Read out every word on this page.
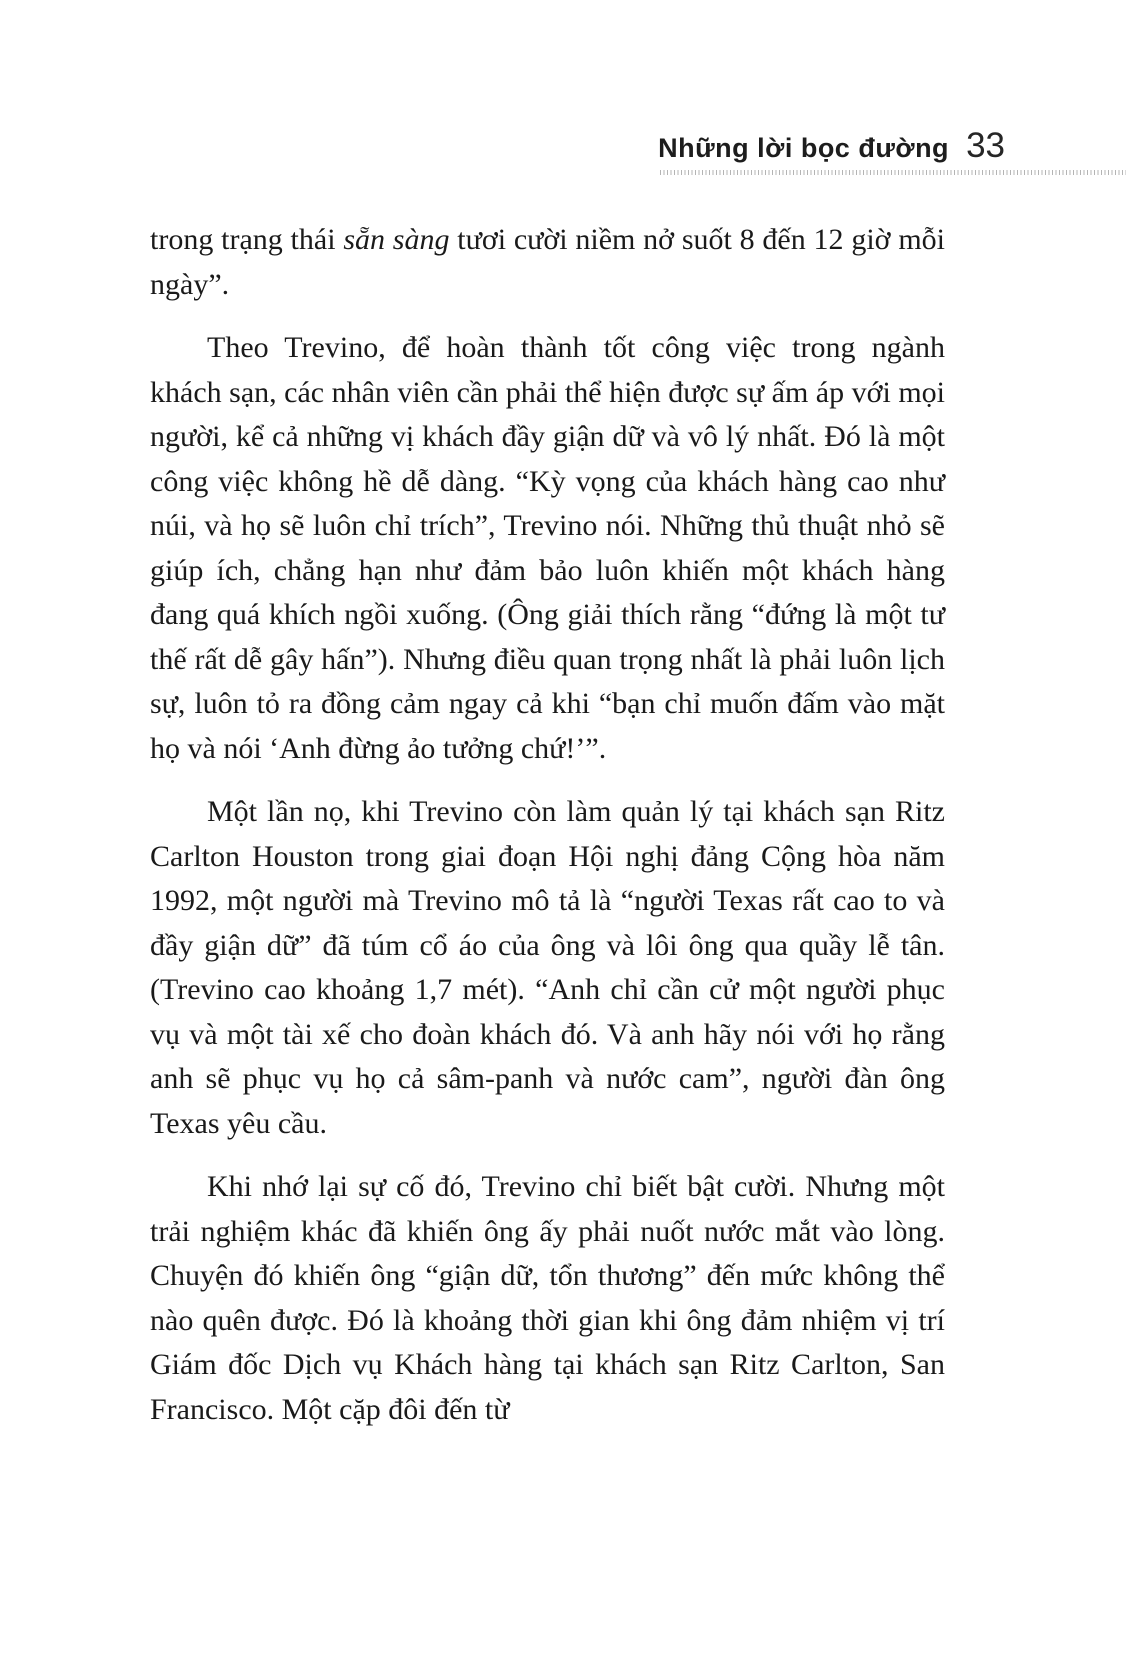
Những lời bọc đường 33

trong trạng thái sẵn sàng tươi cười niềm nở suốt 8 đến 12 giờ mỗi ngày”.

Theo Trevino, để hoàn thành tốt công việc trong ngành khách sạn, các nhân viên cần phải thể hiện được sự ấm áp với mọi người, kể cả những vị khách đầy giận dữ và vô lý nhất. Đó là một công việc không hề dễ dàng. “Kỳ vọng của khách hàng cao như núi, và họ sẽ luôn chỉ trích”, Trevino nói. Những thủ thuật nhỏ sẽ giúp ích, chẳng hạn như đảm bảo luôn khiến một khách hàng đang quá khích ngồi xuống. (Ông giải thích rằng “đứng là một tư thế rất dễ gây hấn”). Nhưng điều quan trọng nhất là phải luôn lịch sự, luôn tỏ ra đồng cảm ngay cả khi “bạn chỉ muốn đấm vào mặt họ và nói ‘Anh đừng ảo tưởng chứ!’”.

Một lần nọ, khi Trevino còn làm quản lý tại khách sạn Ritz Carlton Houston trong giai đoạn Hội nghị đảng Cộng hòa năm 1992, một người mà Trevino mô tả là “người Texas rất cao to và đầy giận dữ” đã túm cổ áo của ông và lôi ông qua quầy lễ tân. (Trevino cao khoảng 1,7 mét). “Anh chỉ cần cử một người phục vụ và một tài xế cho đoàn khách đó. Và anh hãy nói với họ rằng anh sẽ phục vụ họ cả sâm-panh và nước cam”, người đàn ông Texas yêu cầu.

Khi nhớ lại sự cố đó, Trevino chỉ biết bật cười. Nhưng một trải nghiệm khác đã khiến ông ấy phải nuốt nước mắt vào lòng. Chuyện đó khiến ông “giận dữ, tổn thương” đến mức không thể nào quên được. Đó là khoảng thời gian khi ông đảm nhiệm vị trí Giám đốc Dịch vụ Khách hàng tại khách sạn Ritz Carlton, San Francisco. Một cặp đôi đến từ
